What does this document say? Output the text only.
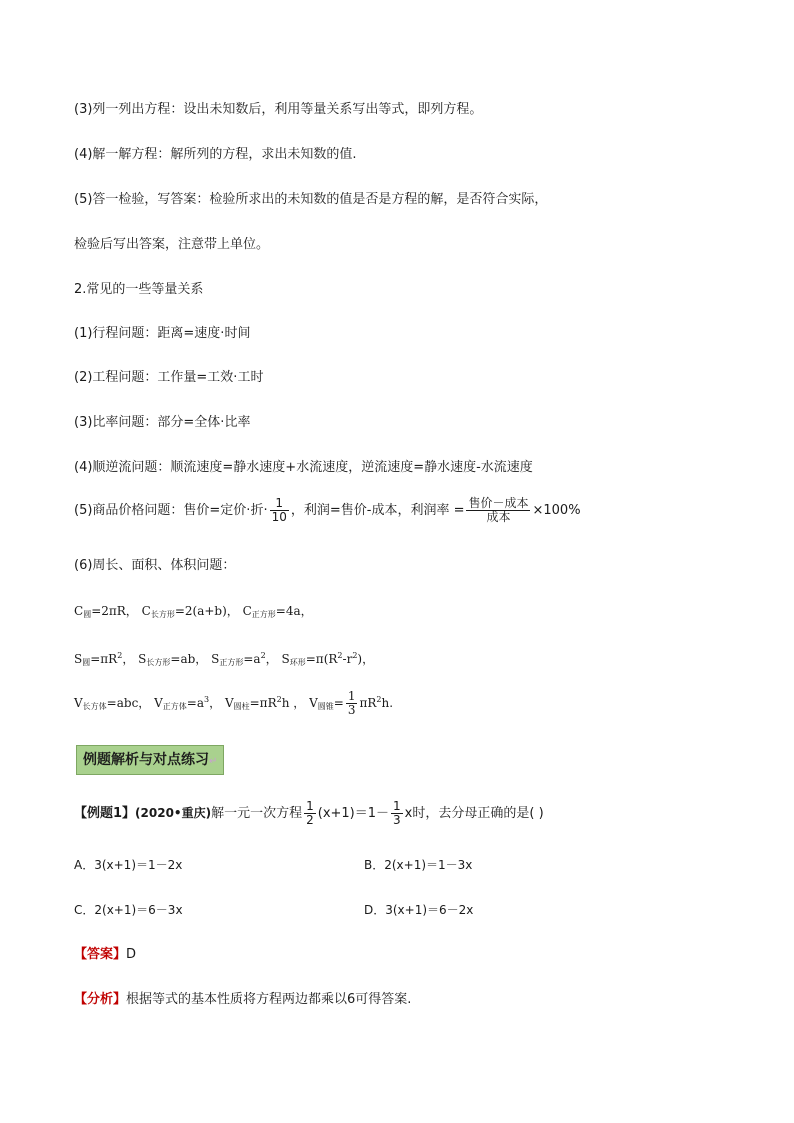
(3)列一列出方程：设出未知数后，利用等量关系写出等式，即列方程。
(4)解一解方程：解所列的方程，求出未知数的值.
(5)答一检验，写答案：检验所求出的未知数的值是否是方程的解，是否符合实际，
检验后写出答案，注意带上单位。
2.常见的一些等量关系
(1)行程问题：距离=速度·时间
(2)工程问题：工作量=工效·工时
(3)比率问题：部分=全体·比率
(4)顺逆流问题：顺流速度=静水速度+水流速度，逆流速度=静水速度-水流速度
(5)商品价格问题：售价=定价·折· $\frac{1}{10}$ ，利润=售价-成本，利润率 = $\frac{\text{售价－成本}}{\text{成本}} \times 100\%$
(6)周长、面积、体积问题：
$C_圆=2\pi R$， $C_{长方形}=2(a+b)$， $C_{正方形}=4a$，
$S_圆=\pi R^2$， $S_{长方形}=ab$， $S_{正方形}=a^2$， $S_{环形}=\pi(R^2-r^2)$，
$V_{长方体}=abc$， $V_{正方体}=a^3$， $V_{圆柱}=\pi R^2h$ ， $V_{圆锥}= \frac{1}{3} \pi R^2h$.
例题解析与对点练习↵
【例题1】(2020•重庆)解一元一次方程 $\frac{1}{2} (x+1)=1- \frac{1}{3}$ x时，去分母正确的是( )
A．3(x+1)＝1－2x	B．2(x+1)＝1－3x
C．2(x+1)＝6－3x	D．3(x+1)＝6－2x
【答案】D
【分析】根据等式的基本性质将方程两边都乘以6可得答案.
